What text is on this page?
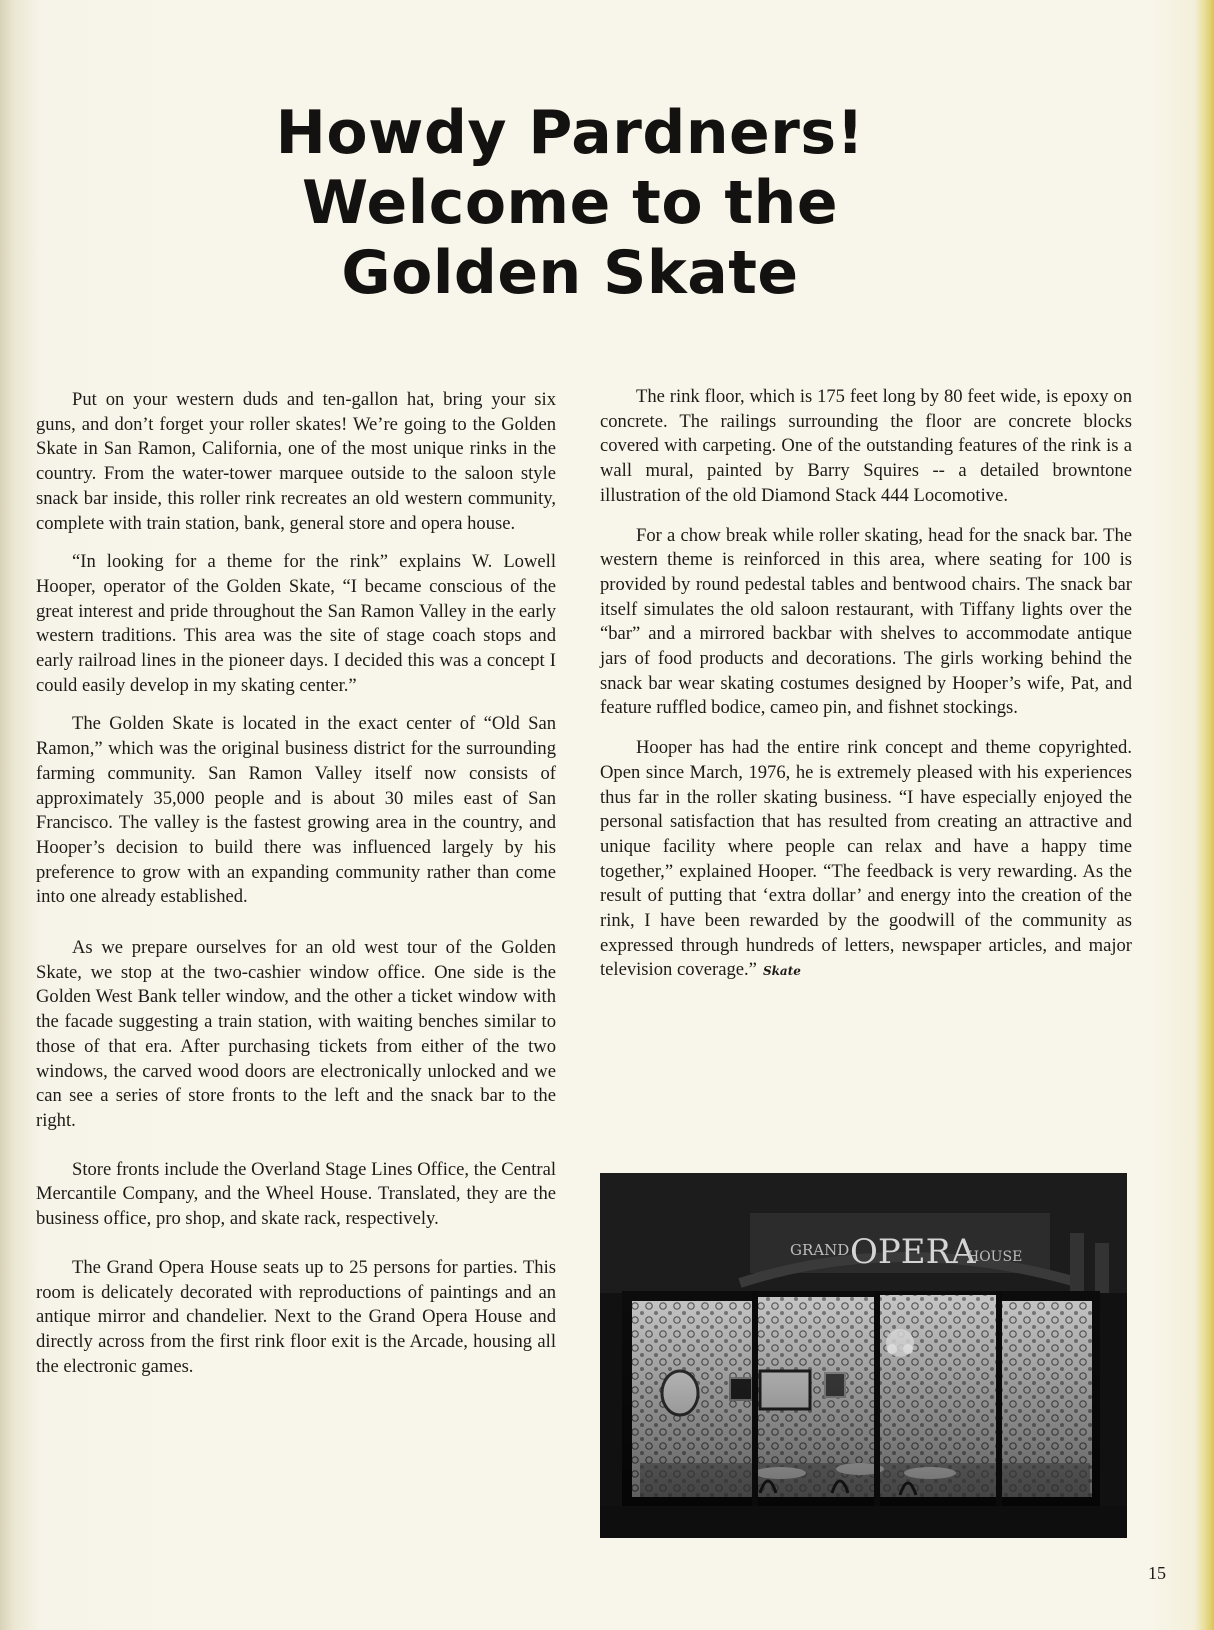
Howdy Pardners!
Welcome to the
Golden Skate

Put on your western duds and ten-gallon hat, bring your six guns, and don’t forget your roller skates! We’re going to the Golden Skate in San Ramon, California, one of the most unique rinks in the country. From the water-tower marquee outside to the saloon style snack bar inside, this roller rink recreates an old western community, complete with train station, bank, general store and opera house.

“In looking for a theme for the rink” explains W. Lowell Hooper, operator of the Golden Skate, “I became conscious of the great interest and pride throughout the San Ramon Valley in the early western traditions. This area was the site of stage coach stops and early railroad lines in the pioneer days. I decided this was a concept I could easily develop in my skating center.”

The Golden Skate is located in the exact center of “Old San Ramon,” which was the original business district for the surrounding farming community. San Ramon Valley itself now consists of approximately 35,000 people and is about 30 miles east of San Francisco. The valley is the fastest growing area in the country, and Hooper’s decision to build there was influenced largely by his preference to grow with an expanding community rather than come into one already established.

As we prepare ourselves for an old west tour of the Golden Skate, we stop at the two-cashier window office. One side is the Golden West Bank teller window, and the other a ticket window with the facade suggesting a train station, with waiting benches similar to those of that era. After purchasing tickets from either of the two windows, the carved wood doors are electronically unlocked and we can see a series of store fronts to the left and the snack bar to the right.

Store fronts include the Overland Stage Lines Office, the Central Mercantile Company, and the Wheel House. Translated, they are the business office, pro shop, and skate rack, respectively.

The Grand Opera House seats up to 25 persons for parties. This room is delicately decorated with reproductions of paintings and an antique mirror and chandelier. Next to the Grand Opera House and directly across from the first rink floor exit is the Arcade, housing all the electronic games.

The rink floor, which is 175 feet long by 80 feet wide, is epoxy on concrete. The railings surrounding the floor are concrete blocks covered with carpeting. One of the outstanding features of the rink is a wall mural, painted by Barry Squires -- a detailed browntone illustration of the old Diamond Stack 444 Locomotive.

For a chow break while roller skating, head for the snack bar. The western theme is reinforced in this area, where seating for 100 is provided by round pedestal tables and bentwood chairs. The snack bar itself simulates the old saloon restaurant, with Tiffany lights over the “bar” and a mirrored backbar with shelves to accommodate antique jars of food products and decorations. The girls working behind the snack bar wear skating costumes designed by Hooper’s wife, Pat, and feature ruffled bodice, cameo pin, and fishnet stockings.

Hooper has had the entire rink concept and theme copyrighted. Open since March, 1976, he is extremely pleased with his experiences thus far in the roller skating business. “I have especially enjoyed the personal satisfaction that has resulted from creating an attractive and unique facility where people can relax and have a happy time together,” explained Hooper. “The feedback is very rewarding. As the result of putting that ‘extra dollar’ and energy into the creation of the rink, I have been rewarded by the goodwill of the community as expressed through hundreds of letters, newspaper articles, and major television coverage.” Skate

GRAND OPERA
HOUSE
15
